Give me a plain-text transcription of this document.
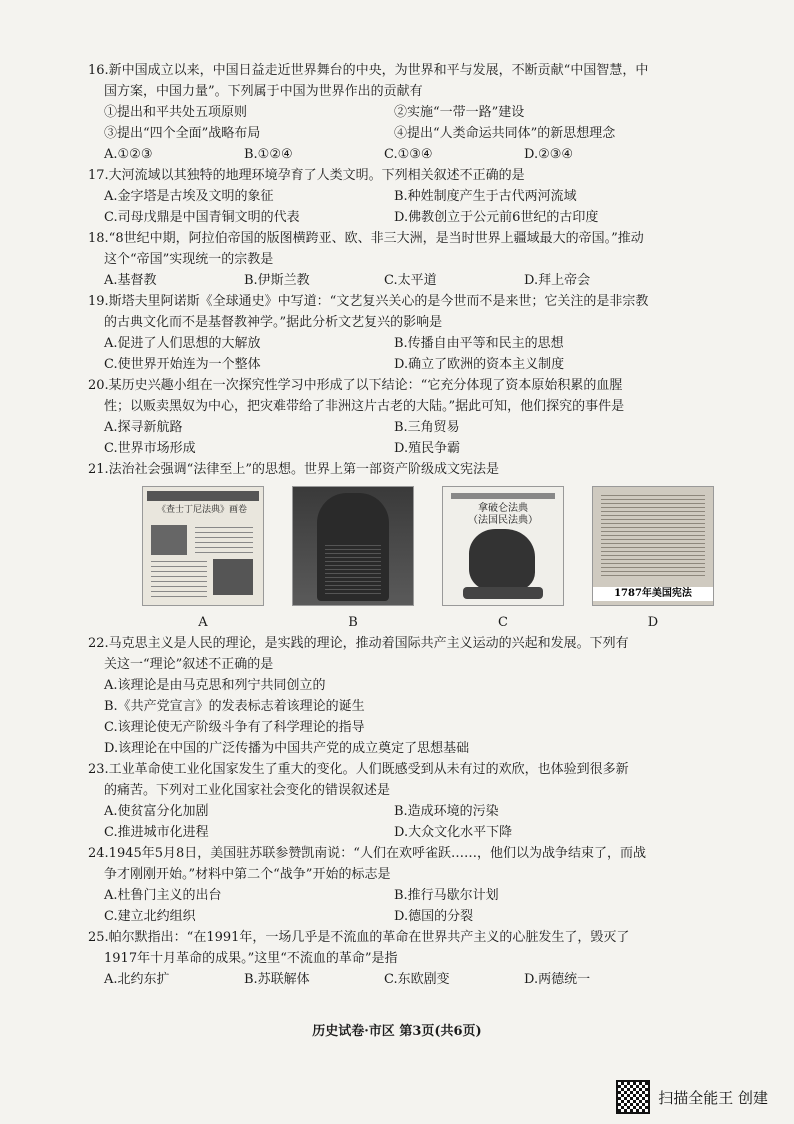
16.新中国成立以来，中国日益走近世界舞台的中央，为世界和平与发展，不断贡献“中国智慧，中
国方案，中国力量”。下列属于中国为世界作出的贡献有
①提出和平共处五项原则	②实施“一带一路”建设
③提出“四个全面”战略布局	④提出“人类命运共同体”的新思想理念
A.①②③	B.①②④	C.①③④	D.②③④
17.大河流域以其独特的地理环境孕育了人类文明。下列相关叙述不正确的是
A.金字塔是古埃及文明的象征	B.种姓制度产生于古代两河流域
C.司母戊鼎是中国青铜文明的代表	D.佛教创立于公元前6世纪的古印度
18.“8世纪中期，阿拉伯帝国的版图横跨亚、欧、非三大洲，是当时世界上疆域最大的帝国。”推动
这个“帝国”实现统一的宗教是
A.基督教	B.伊斯兰教	C.太平道	D.拜上帝会
19.斯塔夫里阿诺斯《全球通史》中写道：“文艺复兴关心的是今世而不是来世；它关注的是非宗教
的古典文化而不是基督教神学。”据此分析文艺复兴的影响是
A.促进了人们思想的大解放	B.传播自由平等和民主的思想
C.使世界开始连为一个整体	D.确立了欧洲的资本主义制度
20.某历史兴趣小组在一次探究性学习中形成了以下结论：“它充分体现了资本原始积累的血腥
性；以贩卖黑奴为中心，把灾难带给了非洲这片古老的大陆。”据此可知，他们探究的事件是
A.探寻新航路	B.三角贸易
C.世界市场形成	D.殖民争霸
21.法治社会强调“法律至上”的思想。世界上第一部资产阶级成文宪法是
《查士丁尼法典》画卷
A	B
拿破仑法典
（法国民法典）
C
1787年美国宪法
D
22.马克思主义是人民的理论，是实践的理论，推动着国际共产主义运动的兴起和发展。下列有
关这一“理论”叙述不正确的是
A.该理论是由马克思和列宁共同创立的
B.《共产党宣言》的发表标志着该理论的诞生
C.该理论使无产阶级斗争有了科学理论的指导
D.该理论在中国的广泛传播为中国共产党的成立奠定了思想基础
23.工业革命使工业化国家发生了重大的变化。人们既感受到从未有过的欢欣，也体验到很多新
的痛苦。下列对工业化国家社会变化的错误叙述是
A.使贫富分化加剧	B.造成环境的污染
C.推进城市化进程	D.大众文化水平下降
24.1945年5月8日，美国驻苏联参赞凯南说：“人们在欢呼雀跃……，他们以为战争结束了，而战
争才刚刚开始。”材料中第二个“战争”开始的标志是
A.杜鲁门主义的出台	B.推行马歇尔计划
C.建立北约组织	D.德国的分裂
25.帕尔默指出：“在1991年，一场几乎是不流血的革命在世界共产主义的心脏发生了，毁灭了
1917年十月革命的成果。”这里“不流血的革命”是指
A.北约东扩	B.苏联解体	C.东欧剧变	D.两德统一
历史试卷·市区 第3页(共6页)
扫描全能王 创建
